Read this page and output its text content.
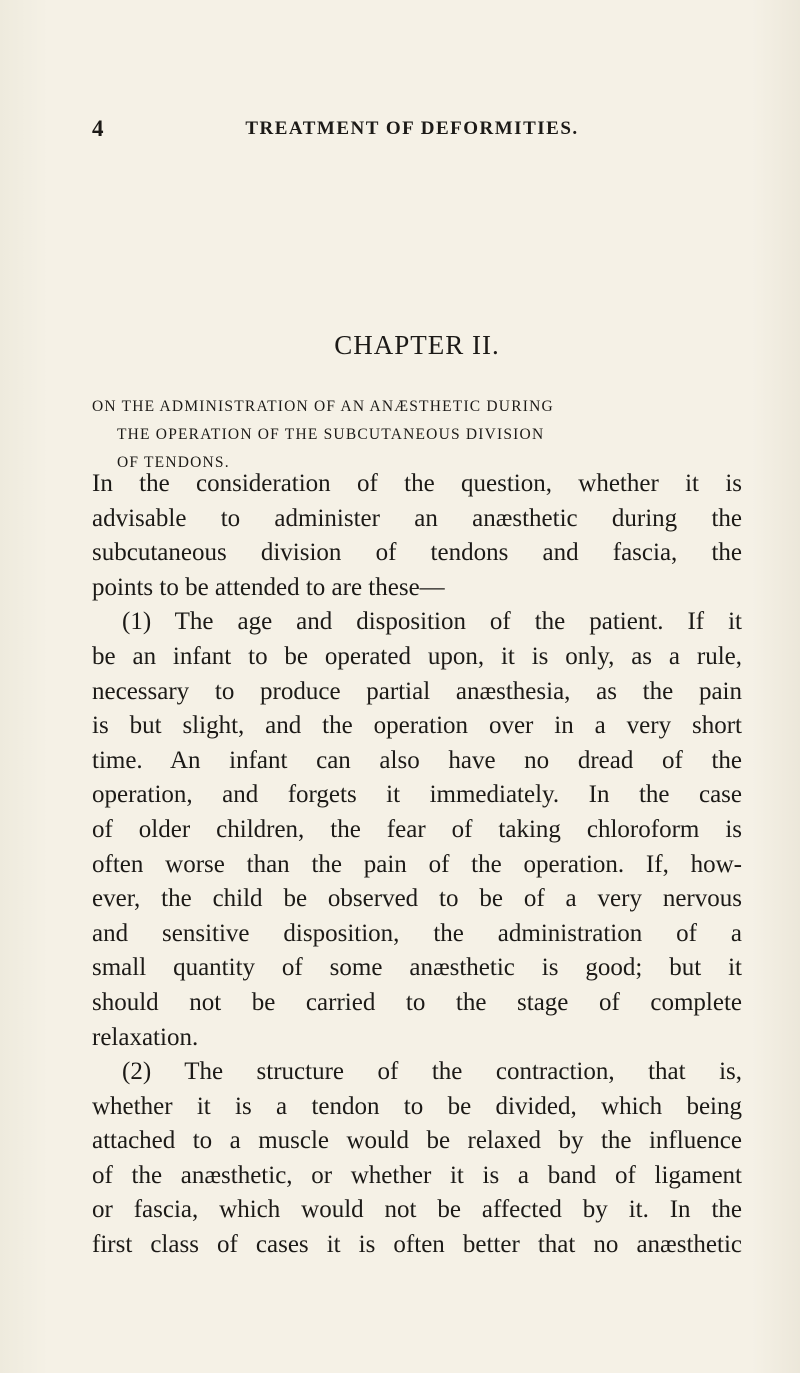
4	TREATMENT OF DEFORMITIES.
CHAPTER II.
ON THE ADMINISTRATION OF AN ANÆSTHETIC DURING
THE OPERATION OF THE SUBCUTANEOUS DIVISION
OF TENDONS.
In the consideration of the question, whether it is
advisable to administer an anæsthetic during the
subcutaneous division of tendons and fascia, the
points to be attended to are these—
(1) The age and disposition of the patient. If it
be an infant to be operated upon, it is only, as a rule,
necessary to produce partial anæsthesia, as the pain
is but slight, and the operation over in a very short
time. An infant can also have no dread of the
operation, and forgets it immediately. In the case
of older children, the fear of taking chloroform is
often worse than the pain of the operation. If, how-
ever, the child be observed to be of a very nervous
and sensitive disposition, the administration of a
small quantity of some anæsthetic is good; but it
should not be carried to the stage of complete
relaxation.
(2) The structure of the contraction, that is,
whether it is a tendon to be divided, which being
attached to a muscle would be relaxed by the influence
of the anæsthetic, or whether it is a band of ligament
or fascia, which would not be affected by it. In the
first class of cases it is often better that no anæsthetic
